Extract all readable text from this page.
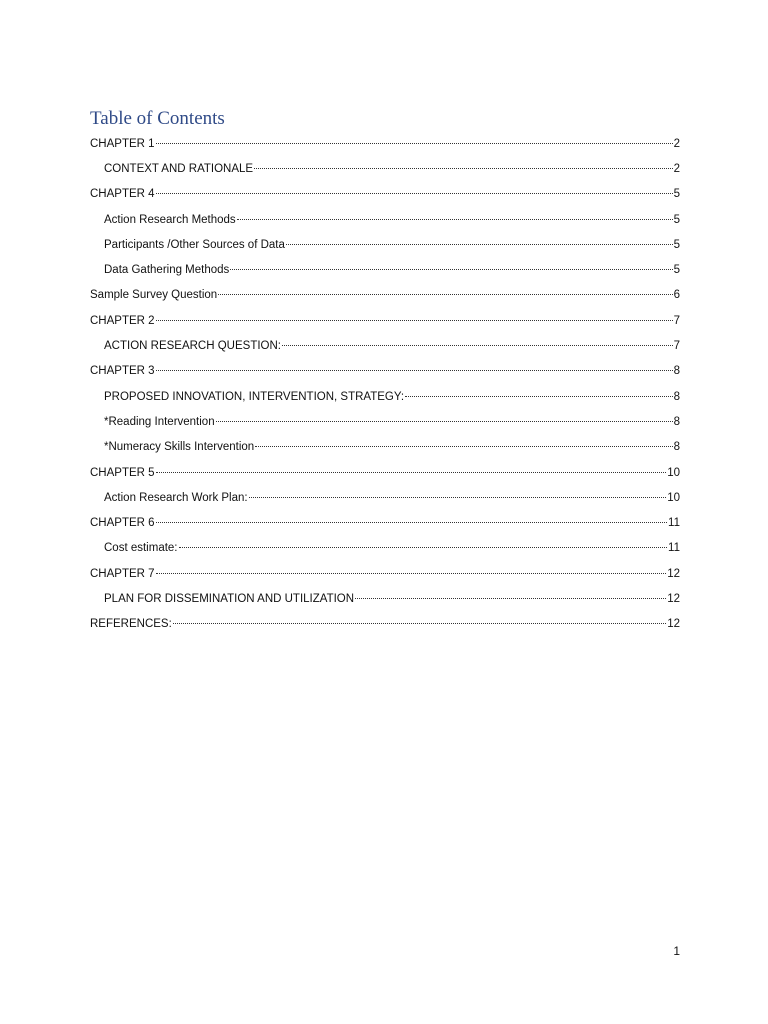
Table of Contents
CHAPTER 1	2
CONTEXT AND RATIONALE	2
CHAPTER 4	5
Action Research Methods	5
Participants /Other Sources of Data	5
Data Gathering Methods	5
Sample Survey Question	6
CHAPTER 2	7
ACTION RESEARCH QUESTION:	7
CHAPTER 3	8
PROPOSED INNOVATION, INTERVENTION, STRATEGY:	8
*Reading Intervention	8
*Numeracy Skills Intervention	8
CHAPTER 5	10
Action Research Work Plan:	10
CHAPTER 6	11
Cost estimate:	11
CHAPTER 7	12
PLAN FOR DISSEMINATION AND UTILIZATION	12
REFERENCES:	12
1
